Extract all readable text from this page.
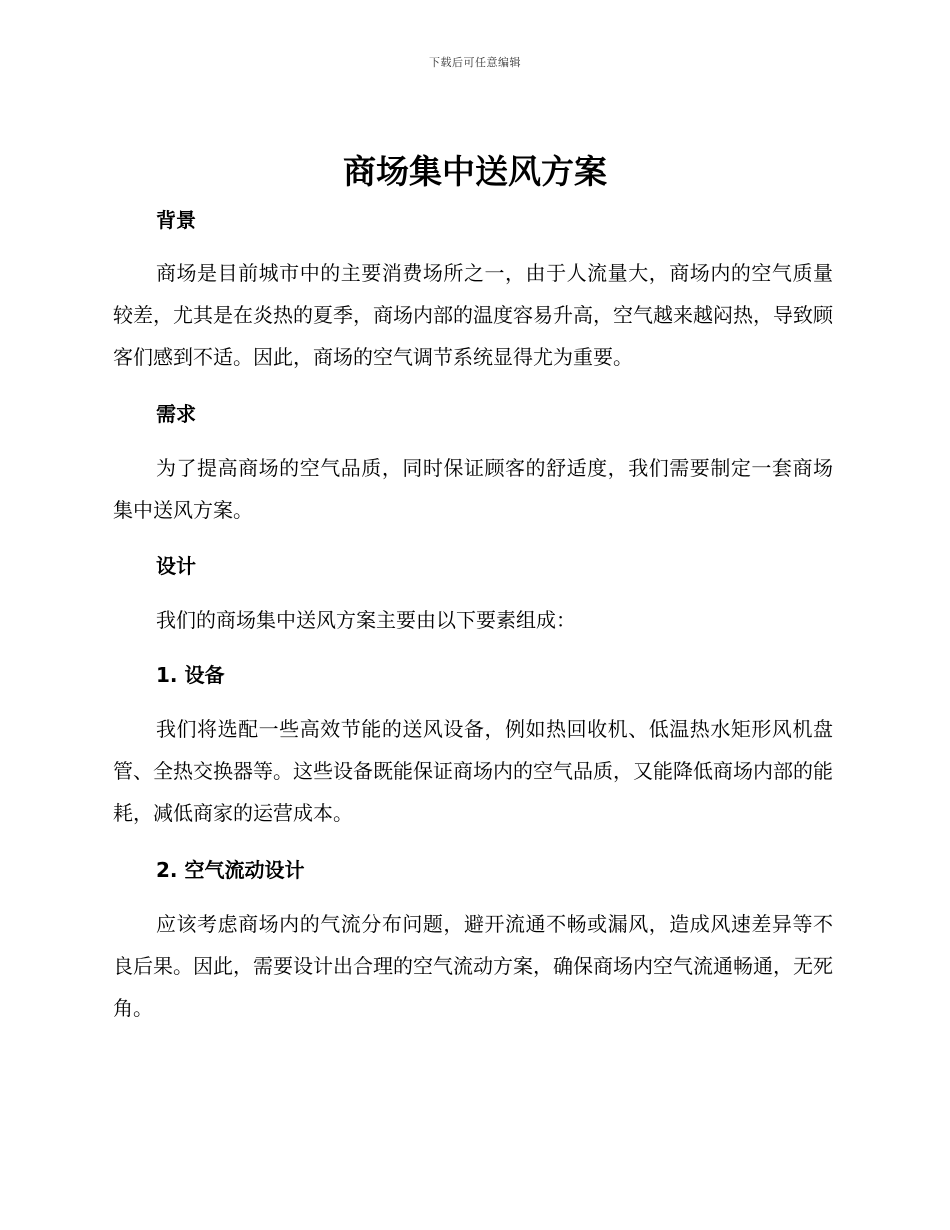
下载后可任意编辑
商场集中送风方案
背景

商场是目前城市中的主要消费场所之一，由于人流量大，商场内的空气质量较差，尤其是在炎热的夏季，商场内部的温度容易升高，空气越来越闷热，导致顾客们感到不适。因此，商场的空气调节系统显得尤为重要。

需求

为了提高商场的空气品质，同时保证顾客的舒适度，我们需要制定一套商场集中送风方案。

设计

我们的商场集中送风方案主要由以下要素组成：

1. 设备

我们将选配一些高效节能的送风设备，例如热回收机、低温热水矩形风机盘管、全热交换器等。这些设备既能保证商场内的空气品质，又能降低商场内部的能耗，减低商家的运营成本。

2. 空气流动设计

应该考虑商场内的气流分布问题，避开流通不畅或漏风，造成风速差异等不良后果。因此，需要设计出合理的空气流动方案，确保商场内空气流通畅通，无死角。
